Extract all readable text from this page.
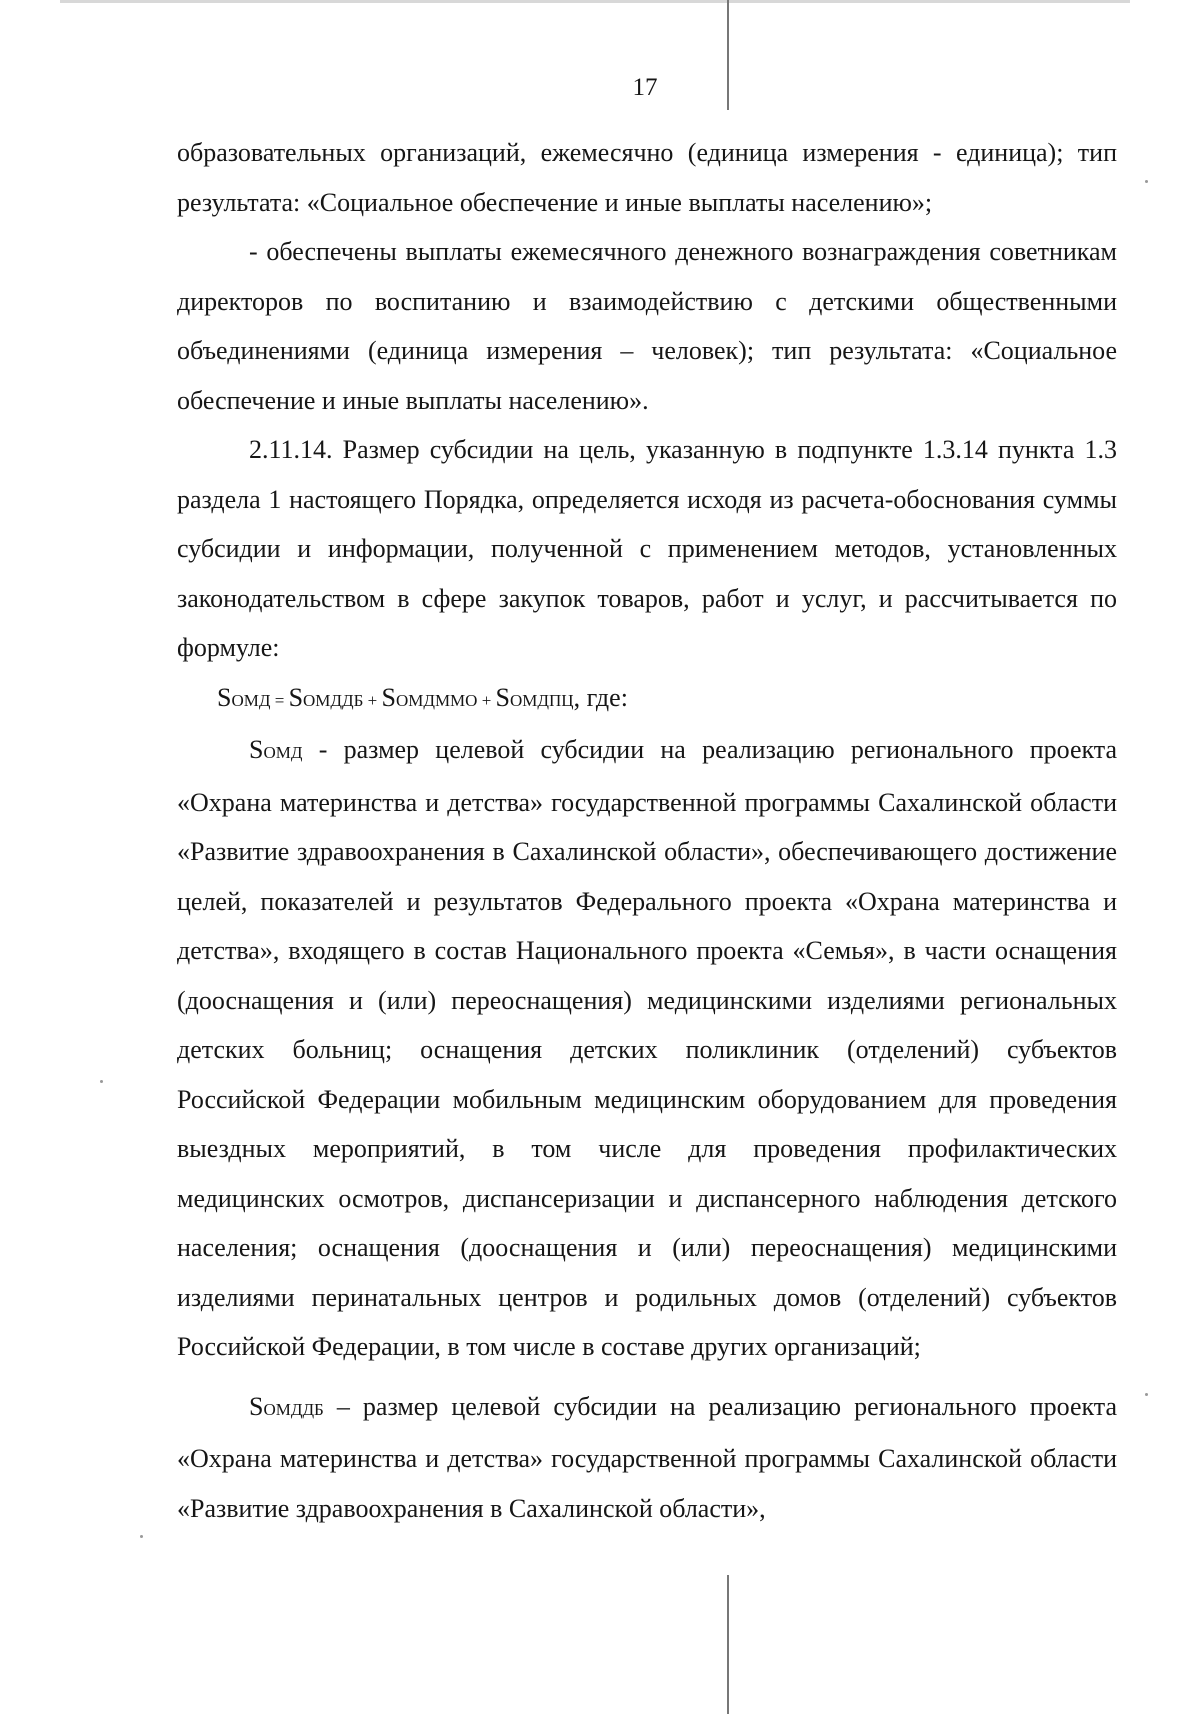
17

образовательных организаций, ежемесячно (единица измерения - единица); тип результата: «Социальное обеспечение и иные выплаты населению»;

- обеспечены выплаты ежемесячного денежного вознаграждения советникам директоров по воспитанию и взаимодействию с детскими общественными объединениями (единица измерения – человек); тип результата: «Социальное обеспечение и иные выплаты населению».

2.11.14. Размер субсидии на цель, указанную в подпункте 1.3.14 пункта 1.3 раздела 1 настоящего Порядка, определяется исходя из расчета-обоснования суммы субсидии и информации, полученной с применением методов, установленных законодательством в сфере закупок товаров, работ и услуг, и рассчитывается по формуле:

SОМД = SОМДДБ + SОМДММО + SОМДПЦ, где:

SОМД - размер целевой субсидии на реализацию регионального проекта «Охрана материнства и детства» государственной программы Сахалинской области «Развитие здравоохранения в Сахалинской области», обеспечивающего достижение целей, показателей и результатов Федерального проекта «Охрана материнства и детства», входящего в состав Национального проекта «Семья», в части оснащения (дооснащения и (или) переоснащения) медицинскими изделиями региональных детских больниц; оснащения детских поликлиник (отделений) субъектов Российской Федерации мобильным медицинским оборудованием для проведения выездных мероприятий, в том числе для проведения профилактических медицинских осмотров, диспансеризации и диспансерного наблюдения детского населения; оснащения (дооснащения и (или) переоснащения) медицинскими изделиями перинатальных центров и родильных домов (отделений) субъектов Российской Федерации, в том числе в составе других организаций;

SОМДДБ – размер целевой субсидии на реализацию регионального проекта «Охрана материнства и детства» государственной программы Сахалинской области «Развитие здравоохранения в Сахалинской области»,
